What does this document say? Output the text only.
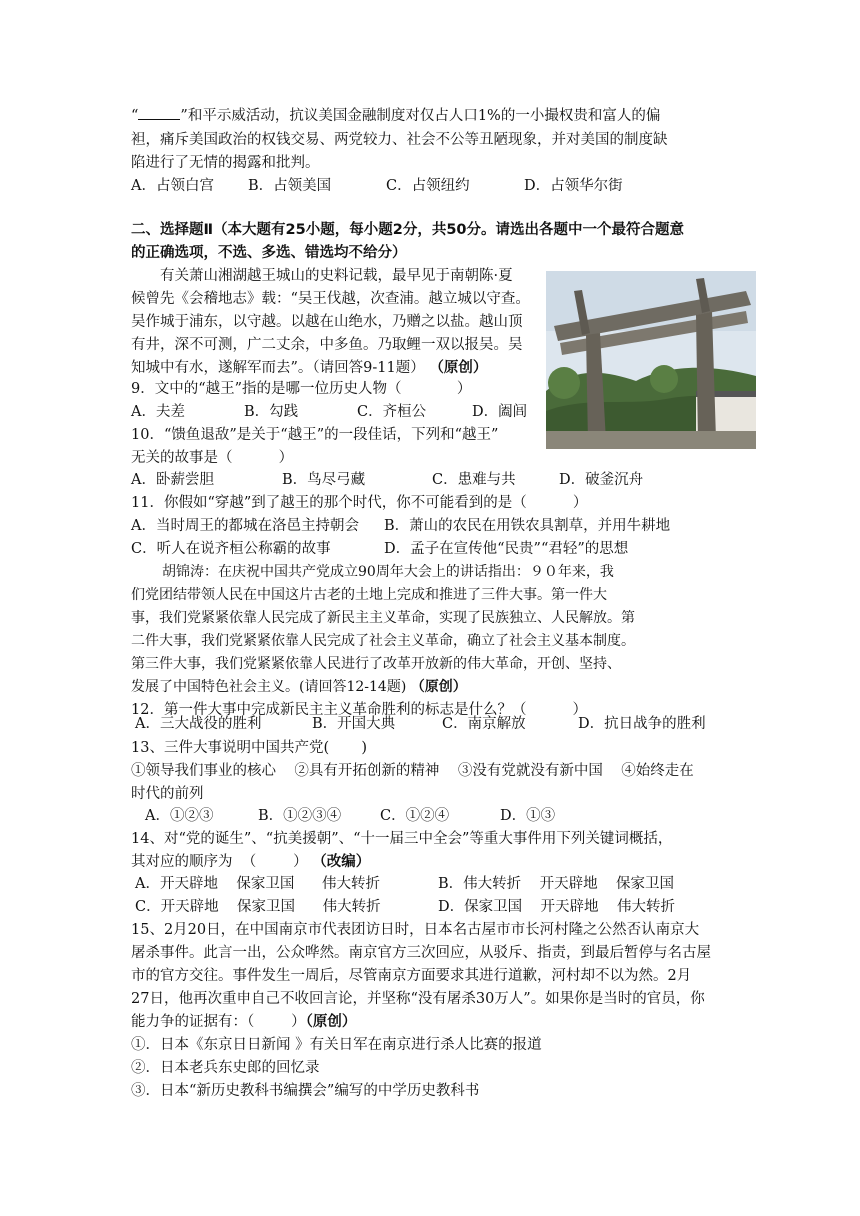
“	”和平示威活动，抗议美国金融制度对仅占人口1%的一小撮权贵和富人的偏
袒，痛斥美国政治的权钱交易、两党较力、社会不公等丑陋现象，并对美国的制度缺
陷进行了无情的揭露和批判。
A．占领白宫 B．占领美国	C．占领纽约	D．占领华尔街
二、选择题Ⅱ（本大题有25小题，每小题2分，共50分。请选出各题中一个最符合题意
的正确选项，不选、多选、错选均不给分）
有关萧山湘湖越王城山的史料记载，最早见于南朝陈·夏
候曾先《会稽地志》载：“吴王伐越，次查浦。越立城以守查。
吴作城于浦东，以守越。以越在山绝水，乃赠之以盐。越山顶
有井，深不可测，广二丈余，中多鱼。乃取鲤一双以报吴。吴
知城中有水，遂解军而去”。（请回答9-11题） （原创）
9．文中的“越王”指的是哪一位历史人物（            ）
A．夫差	B．勾践	C．齐桓公	D．阖闾
10．“馈鱼退敌”是关于“越王”的一段佳话，下列和“越王”
无关的故事是（          ）
A．卧薪尝胆	B．鸟尽弓藏	C．患难与共	D．破釜沉舟
11．你假如“穿越”到了越王的那个时代，你不可能看到的是（          ）
A．当时周王的都城在洛邑主持朝会 B．萧山的农民在用铁农具割草，并用牛耕地
C．听人在说齐桓公称霸的故事	D．孟子在宣传他“民贵”“君轻”的思想
胡锦涛：在庆祝中国共产党成立90周年大会上的讲话指出：９０年来，我
们党团结带领人民在中国这片古老的土地上完成和推进了三件大事。第一件大
事，我们党紧紧依靠人民完成了新民主主义革命，实现了民族独立、人民解放。第
二件大事，我们党紧紧依靠人民完成了社会主义革命，确立了社会主义基本制度。
第三件大事，我们党紧紧依靠人民进行了改革开放新的伟大革命，开创、坚持、
发展了中国特色社会主义。(请回答12-14题) （原创）
12．第一件大事中完成新民主主义革命胜利的标志是什么？（          ）
A．三大战役的胜利	B．开国大典	C．南京解放	D．抗日战争的胜利
13、三件大事说明中国共产党(       )
①领导我们事业的核心    ②具有开拓创新的精神    ③没有党就没有新中国    ④始终走在
时代的前列
A．①②③	B．①②③④	C．①②④	D．①③
14、对“党的诞生”、“抗美援朝”、“十一届三中全会”等重大事件用下列关键词概括，
其对应的顺序为  （        ） （改编）
A．开天辟地    保家卫国      伟大转折	B．伟大转折    开天辟地    保家卫国
C．开天辟地    保家卫国      伟大转折	D．保家卫国    开天辟地    伟大转折
15、2月20日，在中国南京市代表团访日时，日本名古屋市市长河村隆之公然否认南京大
屠杀事件。此言一出，公众哗然。南京官方三次回应，从驳斥、指责，到最后暂停与名古屋
市的官方交往。事件发生一周后，尽管南京方面要求其进行道歉，河村却不以为然。2月
27日，他再次重申自己不收回言论，并坚称“没有屠杀30万人”。如果你是当时的官员，你
能力争的证据有：（        ）（原创）
①．日本《东京日日新闻 》有关日军在南京进行杀人比赛的报道
②．日本老兵东史郎的回忆录
③．日本“新历史教科书编撰会”编写的中学历史教科书
